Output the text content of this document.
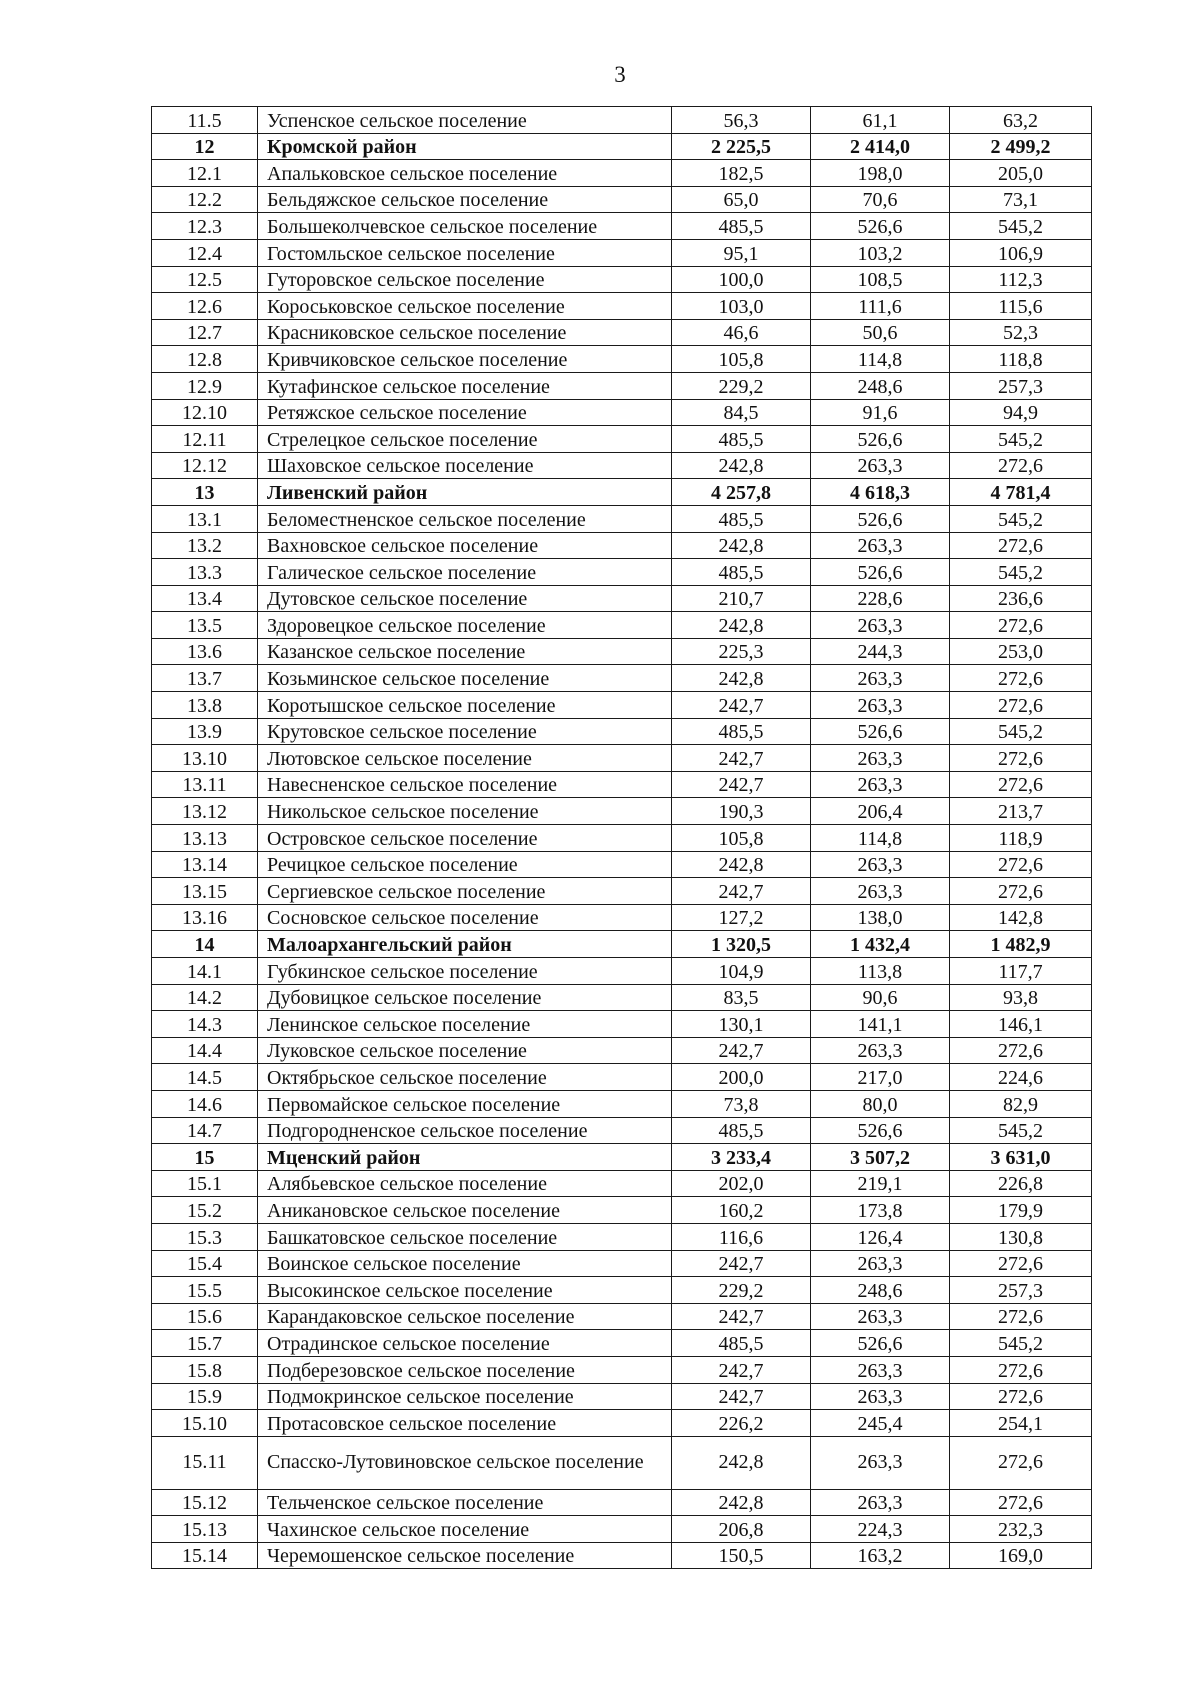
3
11.5	Успенское сельское поселение	56,3	61,1	63,2
12	Кромской район	2 225,5	2 414,0	2 499,2
12.1	Апальковское сельское поселение	182,5	198,0	205,0
12.2	Бельдяжское сельское поселение	65,0	70,6	73,1
12.3	Большеколчевское сельское поселение	485,5	526,6	545,2
12.4	Гостомльское сельское поселение	95,1	103,2	106,9
12.5	Гуторовское сельское поселение	100,0	108,5	112,3
12.6	Короськовское сельское поселение	103,0	111,6	115,6
12.7	Красниковское сельское поселение	46,6	50,6	52,3
12.8	Кривчиковское сельское поселение	105,8	114,8	118,8
12.9	Кутафинское сельское поселение	229,2	248,6	257,3
12.10	Ретяжское сельское поселение	84,5	91,6	94,9
12.11	Стрелецкое сельское поселение	485,5	526,6	545,2
12.12	Шаховское сельское поселение	242,8	263,3	272,6
13	Ливенский район	4 257,8	4 618,3	4 781,4
13.1	Беломестненское сельское поселение	485,5	526,6	545,2
13.2	Вахновское сельское поселение	242,8	263,3	272,6
13.3	Галическое сельское поселение	485,5	526,6	545,2
13.4	Дутовское сельское поселение	210,7	228,6	236,6
13.5	Здоровецкое сельское поселение	242,8	263,3	272,6
13.6	Казанское сельское поселение	225,3	244,3	253,0
13.7	Козьминское сельское поселение	242,8	263,3	272,6
13.8	Коротышское сельское поселение	242,7	263,3	272,6
13.9	Крутовское сельское поселение	485,5	526,6	545,2
13.10	Лютовское сельское поселение	242,7	263,3	272,6
13.11	Навесненское сельское поселение	242,7	263,3	272,6
13.12	Никольское сельское поселение	190,3	206,4	213,7
13.13	Островское сельское поселение	105,8	114,8	118,9
13.14	Речицкое сельское поселение	242,8	263,3	272,6
13.15	Сергиевское сельское поселение	242,7	263,3	272,6
13.16	Сосновское сельское поселение	127,2	138,0	142,8
14	Малоархангельский район	1 320,5	1 432,4	1 482,9
14.1	Губкинское сельское поселение	104,9	113,8	117,7
14.2	Дубовицкое сельское поселение	83,5	90,6	93,8
14.3	Ленинское сельское поселение	130,1	141,1	146,1
14.4	Луковское сельское поселение	242,7	263,3	272,6
14.5	Октябрьское сельское поселение	200,0	217,0	224,6
14.6	Первомайское сельское поселение	73,8	80,0	82,9
14.7	Подгородненское сельское поселение	485,5	526,6	545,2
15	Мценский район	3 233,4	3 507,2	3 631,0
15.1	Алябьевское сельское поселение	202,0	219,1	226,8
15.2	Аникановское сельское поселение	160,2	173,8	179,9
15.3	Башкатовское сельское поселение	116,6	126,4	130,8
15.4	Воинское сельское поселение	242,7	263,3	272,6
15.5	Высокинское сельское поселение	229,2	248,6	257,3
15.6	Карандаковское сельское поселение	242,7	263,3	272,6
15.7	Отрадинское сельское поселение	485,5	526,6	545,2
15.8	Подберезовское сельское поселение	242,7	263,3	272,6
15.9	Подмокринское сельское поселение	242,7	263,3	272,6
15.10	Протасовское сельское поселение	226,2	245,4	254,1
15.11	Спасско-Лутовиновское сельское поселение	242,8	263,3	272,6
15.12	Тельченское сельское поселение	242,8	263,3	272,6
15.13	Чахинское сельское поселение	206,8	224,3	232,3
15.14	Черемошенское сельское поселение	150,5	163,2	169,0
